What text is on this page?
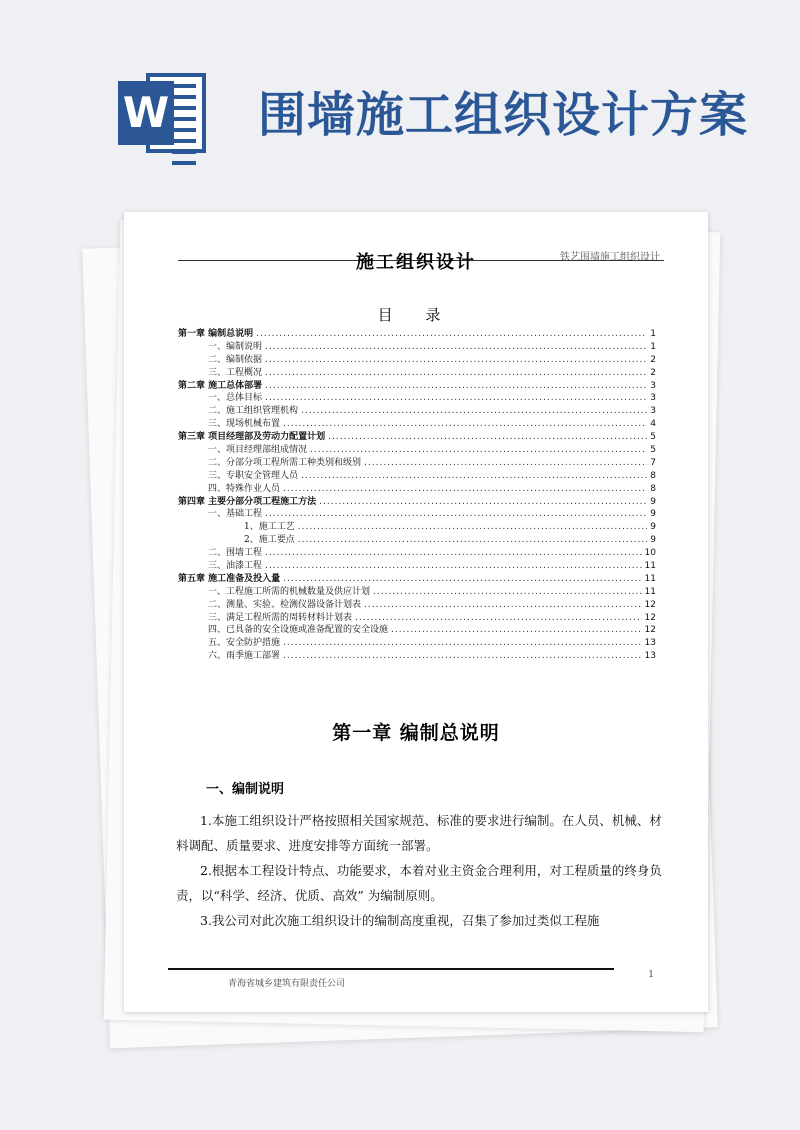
W 围墙施工组织设计方案
铁艺围墙施工组织设计
施工组织设计
目 录
第一章 编制总说明 .....	1
一、编制说明 .....	1
二、编制依据 .....	2
三、工程概况 .....	2
第二章 施工总体部署 .....	3
一、总体目标 .....	3
二、施工组织管理机构 .....	3
三、现场机械布置 .....	4
第三章 项目经理部及劳动力配置计划 .....	5
一、项目经理部组成情况 .....	5
二、分部分项工程所需工种类别和级别 .....	7
三、专职安全管理人员 .....	8
四、特殊作业人员 .....	8
第四章 主要分部分项工程施工方法 .....	9
一、基础工程 .....	9
1、施工工艺 .....	9
2、施工要点 .....	9
二、围墙工程 .....	10
三、油漆工程 .....	11
第五章 施工准备及投入量 .....	11
一、工程施工所需的机械数量及供应计划 .....	11
二、测量、实验、检测仪器设备计划表 .....	12
三、满足工程所需的周转材料计划表 .....	12
四、已具备的安全设施或准备配置的安全设施 .....	12
五、安全防护措施 .....	13
六、雨季施工部署 .....	13
第一章 编制总说明
一、编制说明
1.本施工组织设计严格按照相关国家规范、标准的要求进行编制。在人员、机械、材料调配、质量要求、进度安排等方面统一部署。
2.根据本工程设计特点、功能要求，本着对业主资金合理利用，对工程质量的终身负责，以“科学、经济、优质、高效” 为编制原则。
3.我公司对此次施工组织设计的编制高度重视，召集了参加过类似工程施
青海省城乡建筑有限责任公司
1
